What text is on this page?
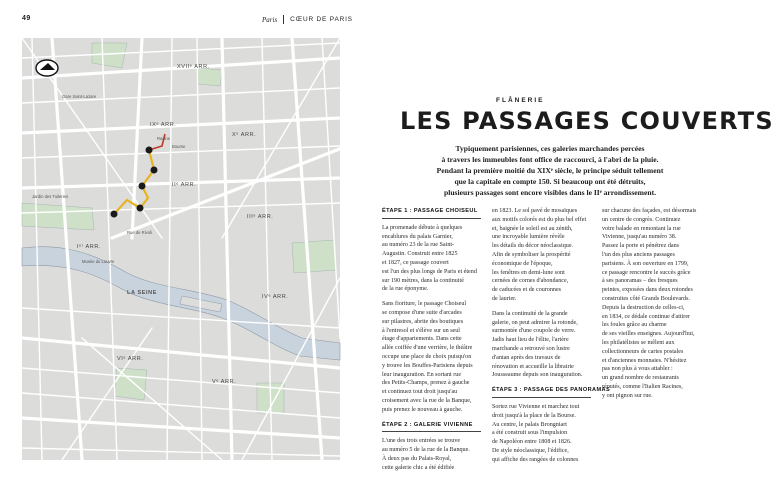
49	Paris CŒUR DE PARIS
XVIIᵉ ARR.
IXᵉ ARR.
Xᵉ ARR.
IIᵉ ARR.
Iᵉʳ ARR.
IIIᵉ ARR.
IVᵉ ARR.
Vᵉ ARR.
VIᵉ ARR.
LA SEINE
Gare Saint-Lazare
Musée du Louvre
Bourse
Racine
Jardin des Tuileries
Rue de Rivoli
FLÂNERIE
LES PASSAGES COUVERTS
Typiquement parisiennes, ces galeries marchandes percées
à travers les immeubles font office de raccourci, à l'abri de la pluie.
Pendant la première moitié du XIXᵉ siècle, le principe séduit tellement
que la capitale en compte 150. Si beaucoup ont été détruits,
plusieurs passages sont encore visibles dans le IIᵉ arrondissement.
ÉTAPE 1 : PASSAGE CHOISEUL
La promenade débute à quelques
encablures du palais Garnier,
au numéro 23 de la rue Saint-
Augustin. Construit entre 1825
et 1827, ce passage couvert
est l'un des plus longs de Paris et étend
sur 190 mètres, dans la continuité
de la rue éponyme.
Sans fioriture, le passage Choiseul
se compose d'une suite d'arcades
sur pilastres, abrite des boutiques
à l'entresol et s'élève sur un seul
étage d'appartements. Dans cette
allée coiffée d'une verrière, le théâtre
occupe une place de choix puisqu'on
y trouve les Bouffes-Parisiens depuis
leur inauguration. En sortant rue
des Petits-Champs, prenez à gauche
et continuez tout droit jusqu'au
croisement avec la rue de la Banque,
puis prenez le nouveau à gauche.
ÉTAPE 2 : GALERIE VIVIENNE
L'une des trois entrées se trouve
au numéro 5 de la rue de la Banque.
À deux pas du Palais-Royal,
cette galerie chic a été édifiée
en 1823. Le sol pavé de mosaïques
aux motifs colorés est du plus bel effet
et, baignée le soleil est au zénith,
une incroyable lumière révèle
les détails du décor néoclassique.
Afin de symboliser la prospérité
économique de l'époque,
les fenêtres en demi-lune sont
cernées de cornes d'abondance,
de caducées et de couronnes
de laurier.
Dans la continuité de la grande
galerie, on peut admirer la rotonde,
surmontée d'une coupole de verre.
Jadis haut lieu de l'élite, l'artère
marchande a retrouvé son lustre
d'antan après des travaux de
rénovation et accueille la librairie
Jousseaume depuis son inauguration.
ÉTAPE 3 : PASSAGE DES PANORAMAS
Sortez rue Vivienne et marchez tout
droit jusqu'à la place de la Bourse.
Au centre, le palais Brongniart
a été construit sous l'impulsion
de Napoléon entre 1808 et 1826.
De style néoclassique, l'édifice,
qui affiche des rangées de colonnes
sur chacune des façades, est désormais
un centre de congrès. Continuez
votre balade en remontant la rue
Vivienne, jusqu'au numéro 38.
Passez la porte et pénétrez dans
l'un des plus anciens passages
parisiens. À son ouverture en 1799,
ce passage rencontre le succès grâce
à ses panoramas – des fresques
peintes, exposées dans deux rotondes
construites côté Grands Boulevards.
Depuis la destruction de celles-ci,
en 1834, ce dédale continue d'attirer
les foules grâce au charme
de ses vieilles enseignes. Aujourd'hui,
les philatélistes se mêlent aux
collectionneurs de cartes postales
et d'anciennes monnaies. N'hésitez
pas non plus à vous attabler :
un grand nombre de restaurants
réputés, comme l'Italien Racines,
y ont pignon sur rue.
